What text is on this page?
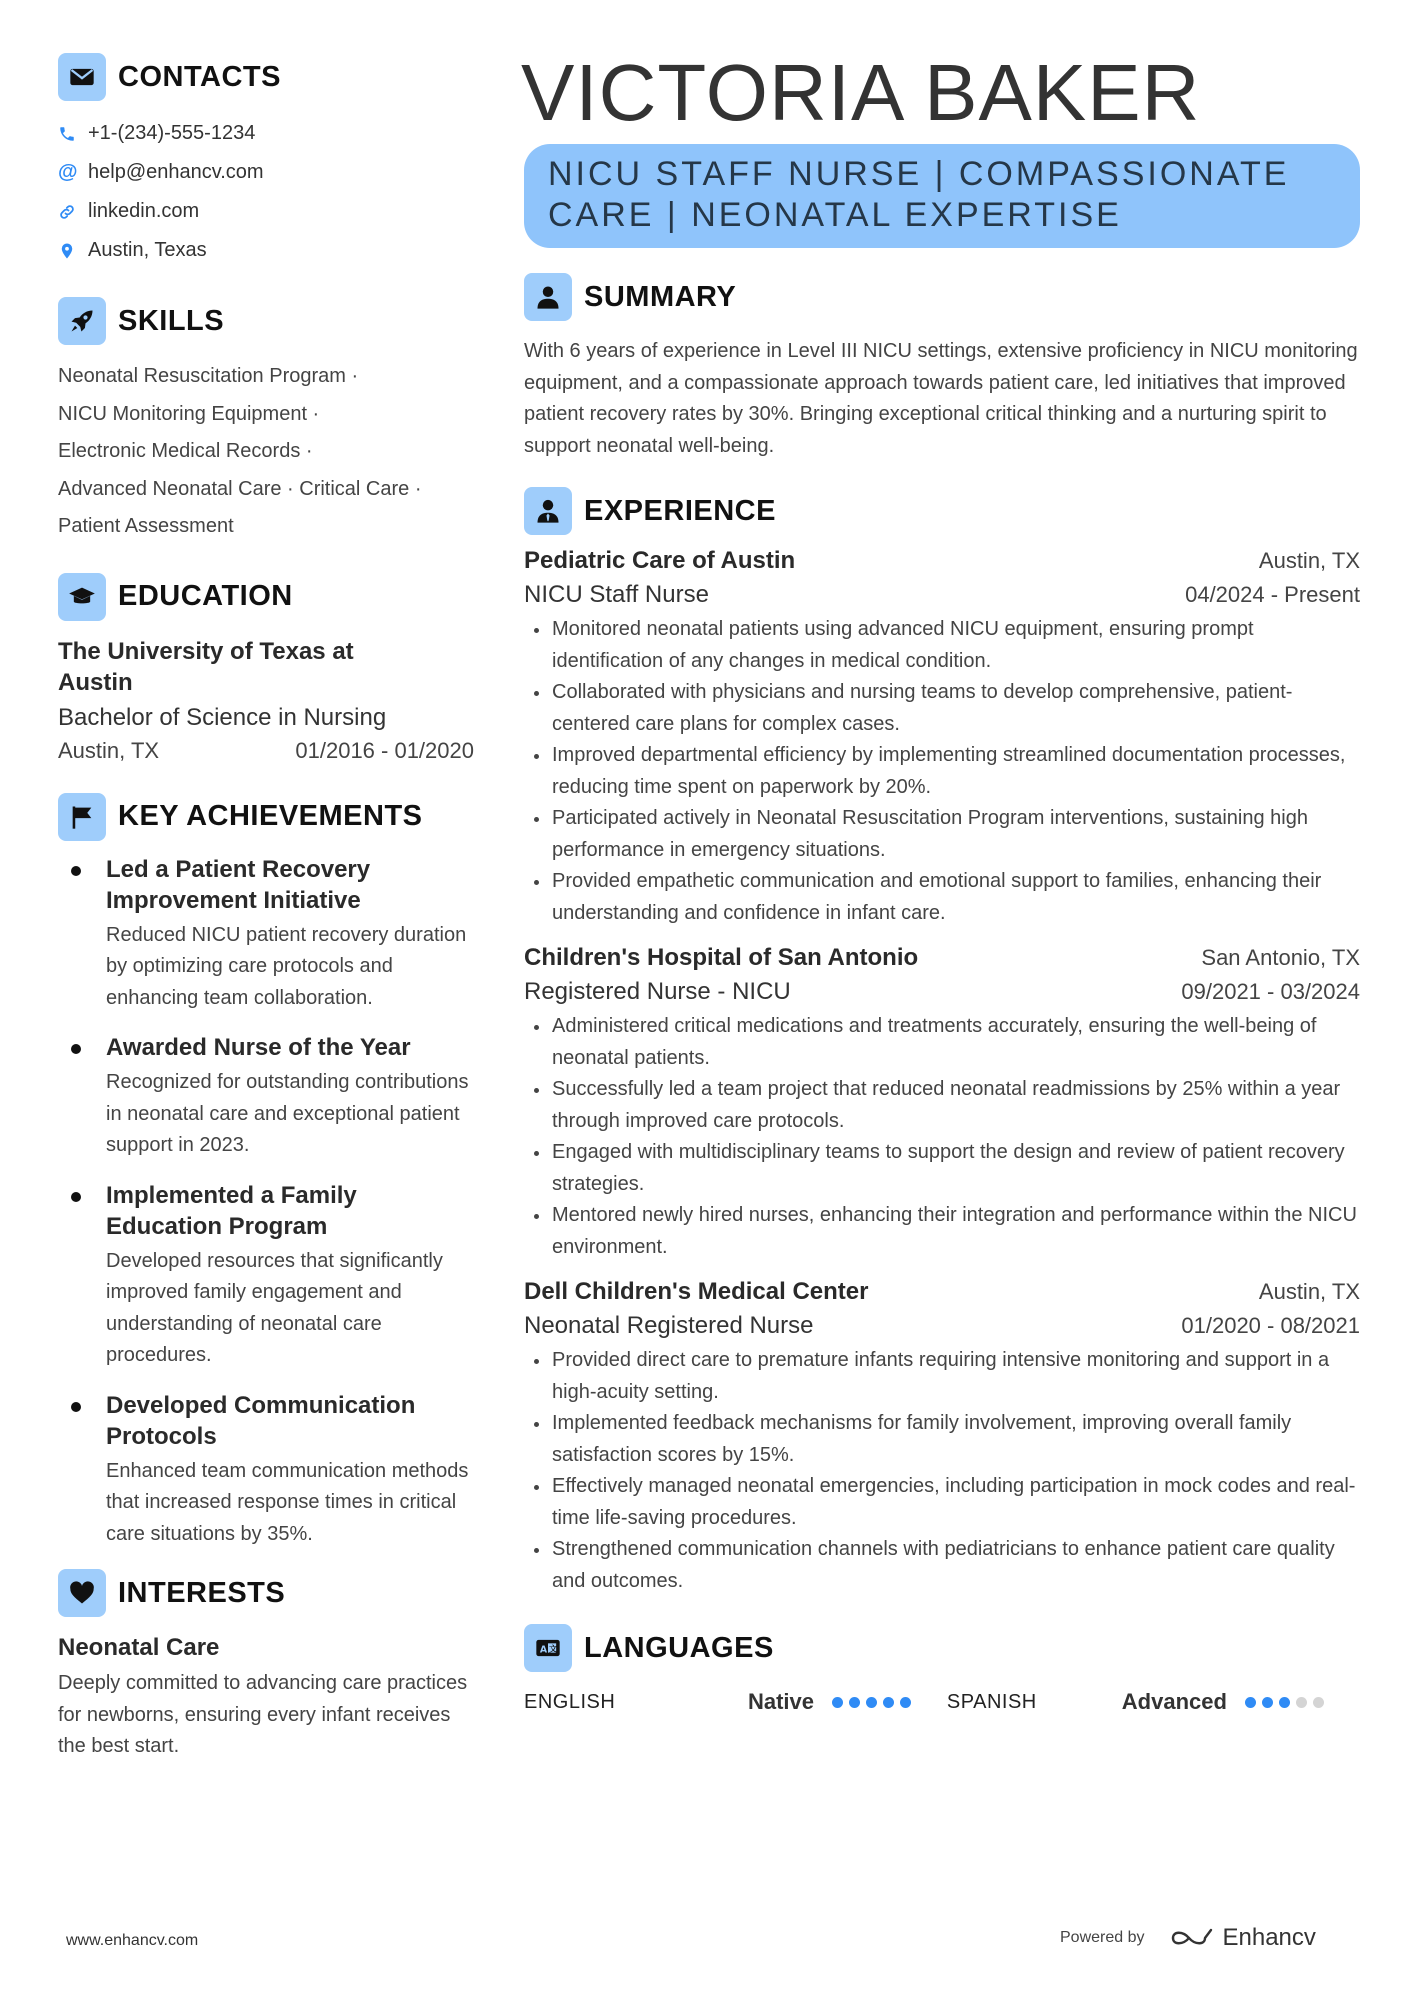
CONTACTS
+1-(234)-555-1234
@ help@enhancv.com
linkedin.com
Austin, Texas
SKILLS
Neonatal Resuscitation Program ·
NICU Monitoring Equipment ·
Electronic Medical Records ·
Advanced Neonatal Care · Critical Care ·
Patient Assessment
EDUCATION
The University of Texas at
Austin
Bachelor of Science in Nursing
Austin, TX	01/2016 - 01/2020
KEY ACHIEVEMENTS
Led a Patient Recovery Improvement Initiative
Reduced NICU patient recovery duration by optimizing care protocols and enhancing team collaboration.
Awarded Nurse of the Year
Recognized for outstanding contributions in neonatal care and exceptional patient support in 2023.
Implemented a Family Education Program
Developed resources that significantly improved family engagement and understanding of neonatal care procedures.
Developed Communication Protocols
Enhanced team communication methods that increased response times in critical care situations by 35%.
INTERESTS
Neonatal Care
Deeply committed to advancing care practices for newborns, ensuring every infant receives the best start.
VICTORIA BAKER
NICU STAFF NURSE | COMPASSIONATE
CARE | NEONATAL EXPERTISE
SUMMARY
With 6 years of experience in Level III NICU settings, extensive proficiency in NICU monitoring equipment, and a compassionate approach towards patient care, led initiatives that improved patient recovery rates by 30%. Bringing exceptional critical thinking and a nurturing spirit to support neonatal well-being.
EXPERIENCE
Pediatric Care of Austin	Austin, TX
NICU Staff Nurse	04/2024 - Present
Monitored neonatal patients using advanced NICU equipment, ensuring prompt identification of any changes in medical condition.
Collaborated with physicians and nursing teams to develop comprehensive, patient-centered care plans for complex cases.
Improved departmental efficiency by implementing streamlined documentation processes, reducing time spent on paperwork by 20%.
Participated actively in Neonatal Resuscitation Program interventions, sustaining high performance in emergency situations.
Provided empathetic communication and emotional support to families, enhancing their understanding and confidence in infant care.
Children's Hospital of San Antonio	San Antonio, TX
Registered Nurse - NICU	09/2021 - 03/2024
Administered critical medications and treatments accurately, ensuring the well-being of neonatal patients.
Successfully led a team project that reduced neonatal readmissions by 25% within a year through improved care protocols.
Engaged with multidisciplinary teams to support the design and review of patient recovery strategies.
Mentored newly hired nurses, enhancing their integration and performance within the NICU environment.
Dell Children's Medical Center	Austin, TX
Neonatal Registered Nurse	01/2020 - 08/2021
Provided direct care to premature infants requiring intensive monitoring and support in a high-acuity setting.
Implemented feedback mechanisms for family involvement, improving overall family satisfaction scores by 15%.
Effectively managed neonatal emergencies, including participation in mock codes and real-time life-saving procedures.
Strengthened communication channels with pediatricians to enhance patient care quality and outcomes.
A 文 LANGUAGES
ENGLISH	Native	SPANISH	Advanced
www.enhancv.com	Powered by	Enhancv
